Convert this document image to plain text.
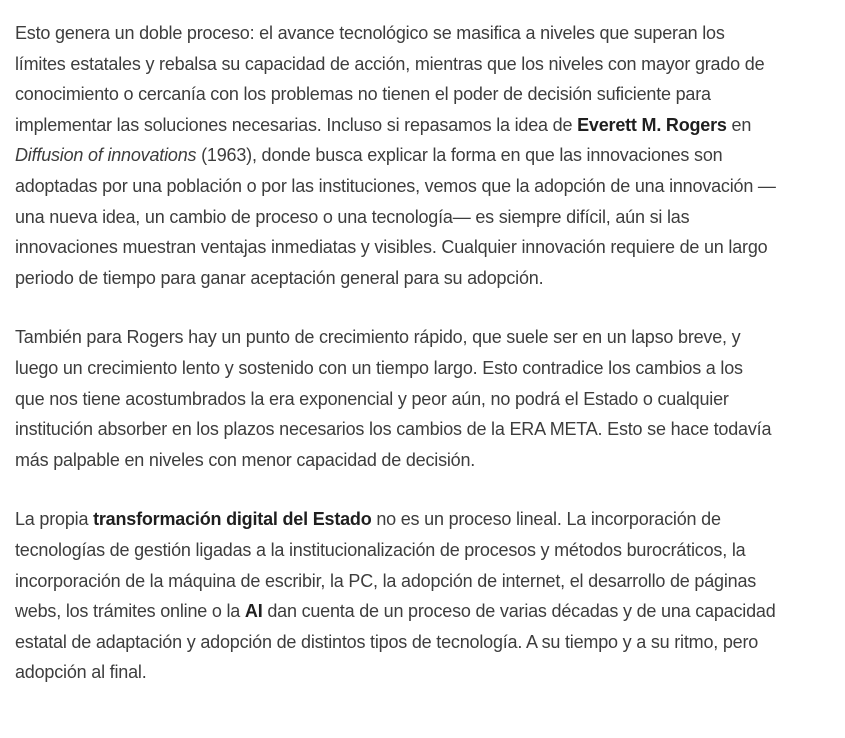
Esto genera un doble proceso: el avance tecnológico se masifica a niveles que superan los límites estatales y rebalsa su capacidad de acción, mientras que los niveles con mayor grado de conocimiento o cercanía con los problemas no tienen el poder de decisión suficiente para implementar las soluciones necesarias. Incluso si repasamos la idea de Everett M. Rogers en Diffusion of innovations (1963), donde busca explicar la forma en que las innovaciones son adoptadas por una población o por las instituciones, vemos que la adopción de una innovación —una nueva idea, un cambio de proceso o una tecnología— es siempre difícil, aún si las innovaciones muestran ventajas inmediatas y visibles. Cualquier innovación requiere de un largo periodo de tiempo para ganar aceptación general para su adopción.

También para Rogers hay un punto de crecimiento rápido, que suele ser en un lapso breve, y luego un crecimiento lento y sostenido con un tiempo largo. Esto contradice los cambios a los que nos tiene acostumbrados la era exponencial y peor aún, no podrá el Estado o cualquier institución absorber en los plazos necesarios los cambios de la ERA META. Esto se hace todavía más palpable en niveles con menor capacidad de decisión.

La propia transformación digital del Estado no es un proceso lineal. La incorporación de tecnologías de gestión ligadas a la institucionalización de procesos y métodos burocráticos, la incorporación de la máquina de escribir, la PC, la adopción de internet, el desarrollo de páginas webs, los trámites online o la AI dan cuenta de un proceso de varias décadas y de una capacidad estatal de adaptación y adopción de distintos tipos de tecnología. A su tiempo y a su ritmo, pero adopción al final.
